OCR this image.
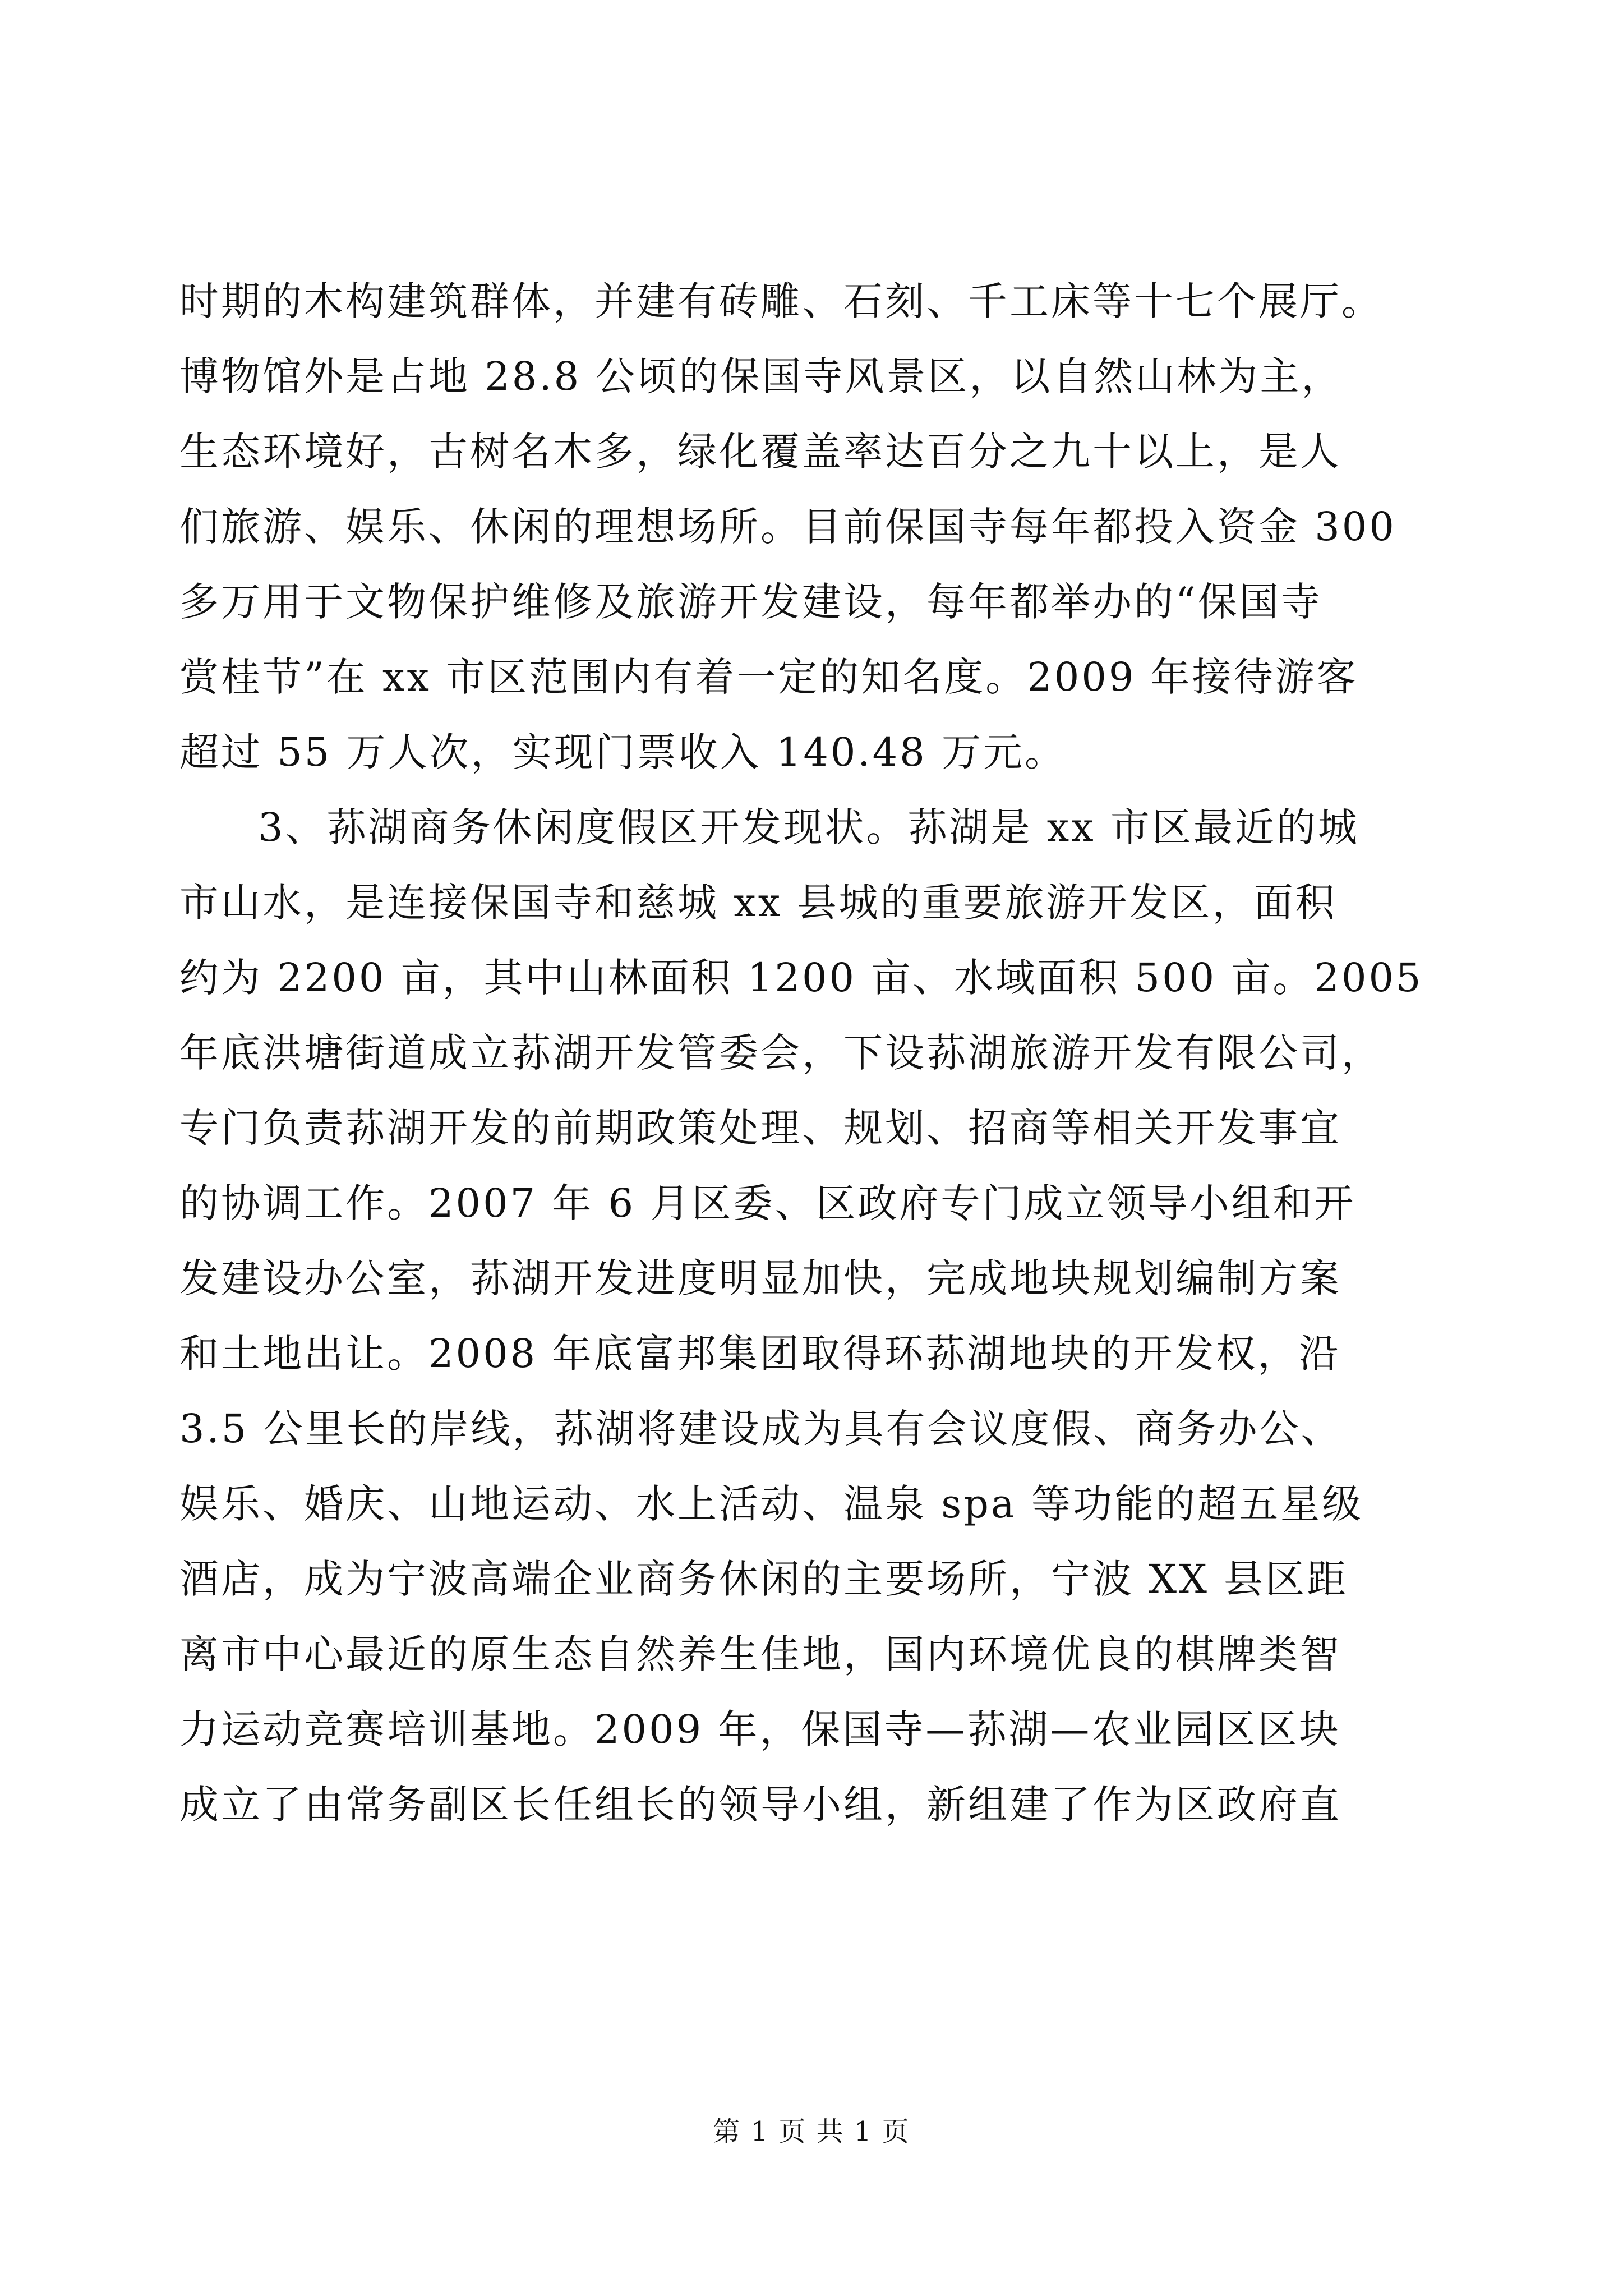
时期的木构建筑群体，并建有砖雕、石刻、千工床等十七个展厅。
博物馆外是占地 28.8 公顷的保国寺风景区，以自然山林为主，
生态环境好，古树名木多，绿化覆盖率达百分之九十以上，是人
们旅游、娱乐、休闲的理想场所。目前保国寺每年都投入资金 300
多万用于文物保护维修及旅游开发建设，每年都举办的“保国寺
赏桂节”在 xx 市区范围内有着一定的知名度。2009 年接待游客
超过 55 万人次，实现门票收入 140.48 万元。
3、荪湖商务休闲度假区开发现状。荪湖是 xx 市区最近的城
市山水，是连接保国寺和慈城 xx 县城的重要旅游开发区，面积
约为 2200 亩，其中山林面积 1200 亩、水域面积 500 亩。2005
年底洪塘街道成立荪湖开发管委会，下设荪湖旅游开发有限公司，
专门负责荪湖开发的前期政策处理、规划、招商等相关开发事宜
的协调工作。2007 年 6 月区委、区政府专门成立领导小组和开
发建设办公室，荪湖开发进度明显加快，完成地块规划编制方案
和土地出让。2008 年底富邦集团取得环荪湖地块的开发权，沿
3.5 公里长的岸线，荪湖将建设成为具有会议度假、商务办公、
娱乐、婚庆、山地运动、水上活动、温泉 spa 等功能的超五星级
酒店，成为宁波高端企业商务休闲的主要场所，宁波 XX 县区距
离市中心最近的原生态自然养生佳地，国内环境优良的棋牌类智
力运动竞赛培训基地。2009 年，保国寺—荪湖—农业园区区块
成立了由常务副区长任组长的领导小组，新组建了作为区政府直
第 1 页 共 1 页
